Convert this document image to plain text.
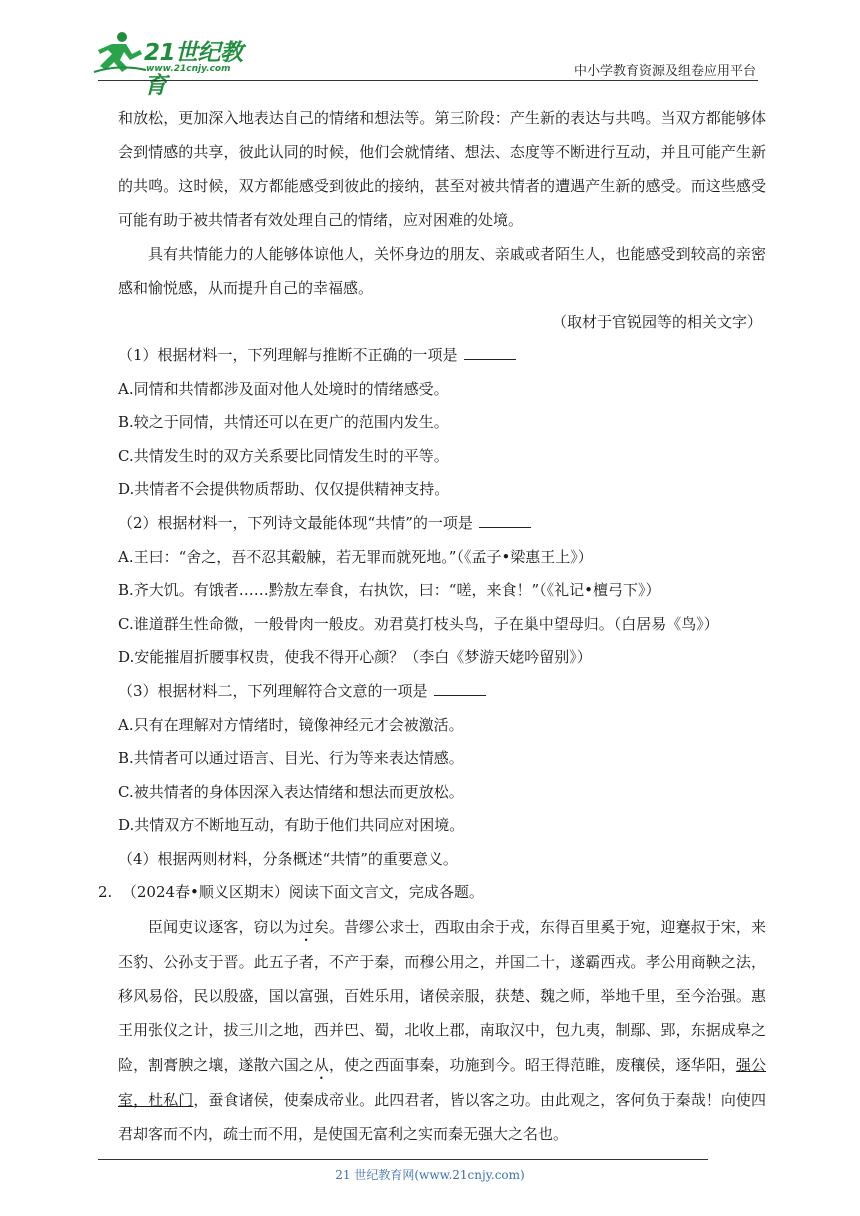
21世纪教育
www.21cnjy.com	中小学教育资源及组卷应用平台

和放松，更加深入地表达自己的情绪和想法等。第三阶段：产生新的表达与共鸣。当双方都能够体会到情感的共享，彼此认同的时候，他们会就情绪、想法、态度等不断进行互动，并且可能产生新的共鸣。这时候，双方都能感受到彼此的接纳，甚至对被共情者的遭遇产生新的感受。而这些感受可能有助于被共情者有效处理自己的情绪，应对困难的处境。

具有共情能力的人能够体谅他人，关怀身边的朋友、亲戚或者陌生人，也能感受到较高的亲密感和愉悦感，从而提升自己的幸福感。

（取材于官锐园等的相关文字）

（1）根据材料一，下列理解与推断不正确的一项是

A.同情和共情都涉及面对他人处境时的情绪感受。

B.较之于同情，共情还可以在更广的范围内发生。

C.共情发生时的双方关系要比同情发生时的平等。

D.共情者不会提供物质帮助、仅仅提供精神支持。

（2）根据材料一，下列诗文最能体现“共情”的一项是

A.王曰：“舍之，吾不忍其觳觫，若无罪而就死地。”（《孟子•梁惠王上》）

B.齐大饥。有饿者……黔敖左奉食，右执饮，曰：“嗟，来食！”（《礼记•檀弓下》）

C.谁道群生性命微，一般骨肉一般皮。劝君莫打枝头鸟，子在巢中望母归。（白居易《鸟》）

D.安能摧眉折腰事权贵，使我不得开心颜？（李白《梦游天姥吟留别》）

（3）根据材料二，下列理解符合文意的一项是

A.只有在理解对方情绪时，镜像神经元才会被激活。

B.共情者可以通过语言、目光、行为等来表达情感。

C.被共情者的身体因深入表达情绪和想法而更放松。

D.共情双方不断地互动，有助于他们共同应对困境。

（4）根据两则材料，分条概述“共情”的重要意义。

2. （2024春•顺义区期末）阅读下面文言文，完成各题。

臣闻吏议逐客，窃以为过矣。昔缪公求士，西取由余于戎，东得百里奚于宛，迎蹇叔于宋，来丕豹、公孙支于晋。此五子者，不产于秦，而穆公用之，并国二十，遂霸西戎。孝公用商鞅之法，移风易俗，民以殷盛，国以富强，百姓乐用，诸侯亲服，获楚、魏之师，举地千里，至今治强。惠王用张仪之计，拔三川之地，西并巴、蜀，北收上郡，南取汉中，包九夷，制鄢、郢，东据成皋之险，割膏腴之壤，遂散六国之从，使之西面事秦，功施到今。昭王得范睢，废穰侯，逐华阳，强公室，杜私门，蚕食诸侯，使秦成帝业。此四君者，皆以客之功。由此观之，客何负于秦哉！向使四君却客而不内，疏士而不用，是使国无富利之实而秦无强大之名也。

21 世纪教育网(www.21cnjy.com)
